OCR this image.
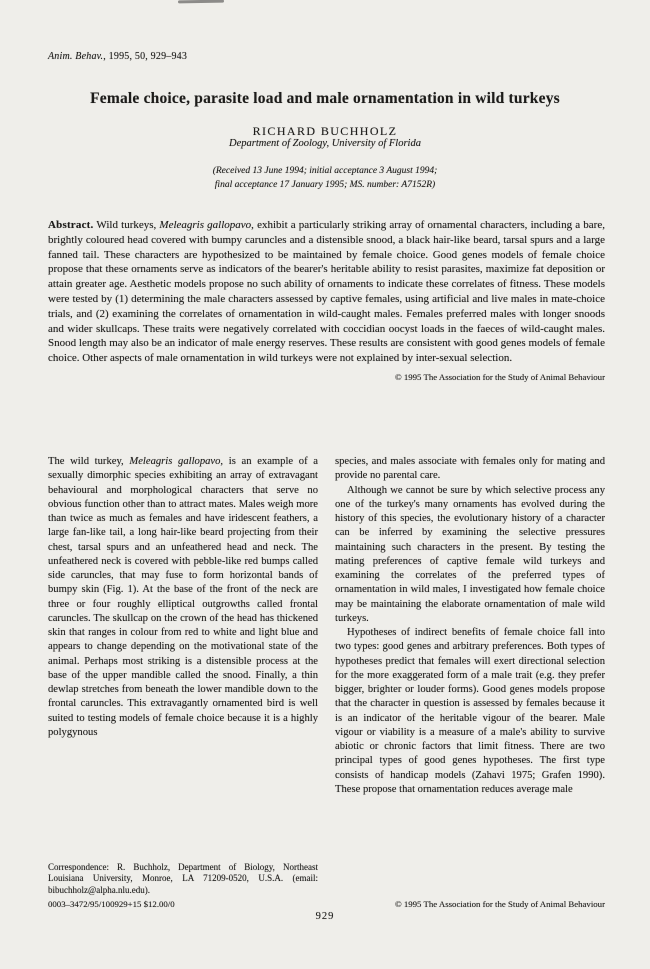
Anim. Behav., 1995, 50, 929–943
Female choice, parasite load and male ornamentation in wild turkeys
RICHARD BUCHHOLZ
Department of Zoology, University of Florida
(Received 13 June 1994; initial acceptance 3 August 1994;
final acceptance 17 January 1995; MS. number: A7152R)

Abstract. Wild turkeys, Meleagris gallopavo, exhibit a particularly striking array of ornamental characters, including a bare, brightly coloured head covered with bumpy caruncles and a distensible snood, a black hair-like beard, tarsal spurs and a large fanned tail. These characters are hypothesized to be maintained by female choice. Good genes models of female choice propose that these ornaments serve as indicators of the bearer's heritable ability to resist parasites, maximize fat deposition or attain greater age. Aesthetic models propose no such ability of ornaments to indicate these correlates of fitness. These models were tested by (1) determining the male characters assessed by captive females, using artificial and live males in mate-choice trials, and (2) examining the correlates of ornamentation in wild-caught males. Females preferred males with longer snoods and wider skullcaps. These traits were negatively correlated with coccidian oocyst loads in the faeces of wild-caught males. Snood length may also be an indicator of male energy reserves. These results are consistent with good genes models of female choice. Other aspects of male ornamentation in wild turkeys were not explained by inter-sexual selection.
© 1995 The Association for the Study of Animal Behaviour

The wild turkey, Meleagris gallopavo, is an example of a sexually dimorphic species exhibiting an array of extravagant behavioural and morphological characters that serve no obvious function other than to attract mates. Males weigh more than twice as much as females and have iridescent feathers, a large fan-like tail, a long hair-like beard projecting from their chest, tarsal spurs and an unfeathered head and neck. The unfeathered neck is covered with pebble-like red bumps called side caruncles, that may fuse to form horizontal bands of bumpy skin (Fig. 1). At the base of the front of the neck are three or four roughly elliptical outgrowths called frontal caruncles. The skullcap on the crown of the head has thickened skin that ranges in colour from red to white and light blue and appears to change depending on the motivational state of the animal. Perhaps most striking is a distensible process at the base of the upper mandible called the snood. Finally, a thin dewlap stretches from beneath the lower mandible down to the frontal caruncles. This extravagantly ornamented bird is well suited to testing models of female choice because it is a highly polygynous

Correspondence: R. Buchholz, Department of Biology, Northeast Louisiana University, Monroe, LA 71209-0520, U.S.A. (email: bibuchholz@alpha.nlu.edu).

species, and males associate with females only for mating and provide no parental care.

Although we cannot be sure by which selective process any one of the turkey's many ornaments has evolved during the history of this species, the evolutionary history of a character can be inferred by examining the selective pressures maintaining such characters in the present. By testing the mating preferences of captive female wild turkeys and examining the correlates of the preferred types of ornamentation in wild males, I investigated how female choice may be maintaining the elaborate ornamentation of male wild turkeys.

Hypotheses of indirect benefits of female choice fall into two types: good genes and arbitrary preferences. Both types of hypotheses predict that females will exert directional selection for the more exaggerated form of a male trait (e.g. they prefer bigger, brighter or louder forms). Good genes models propose that the character in question is assessed by females because it is an indicator of the heritable vigour of the bearer. Male vigour or viability is a measure of a male's ability to survive abiotic or chronic factors that limit fitness. There are two principal types of good genes hypotheses. The first type consists of handicap models (Zahavi 1975; Grafen 1990). These propose that ornamentation reduces average male

0003–3472/95/100929+15 $12.00/0	© 1995 The Association for the Study of Animal Behaviour
929
